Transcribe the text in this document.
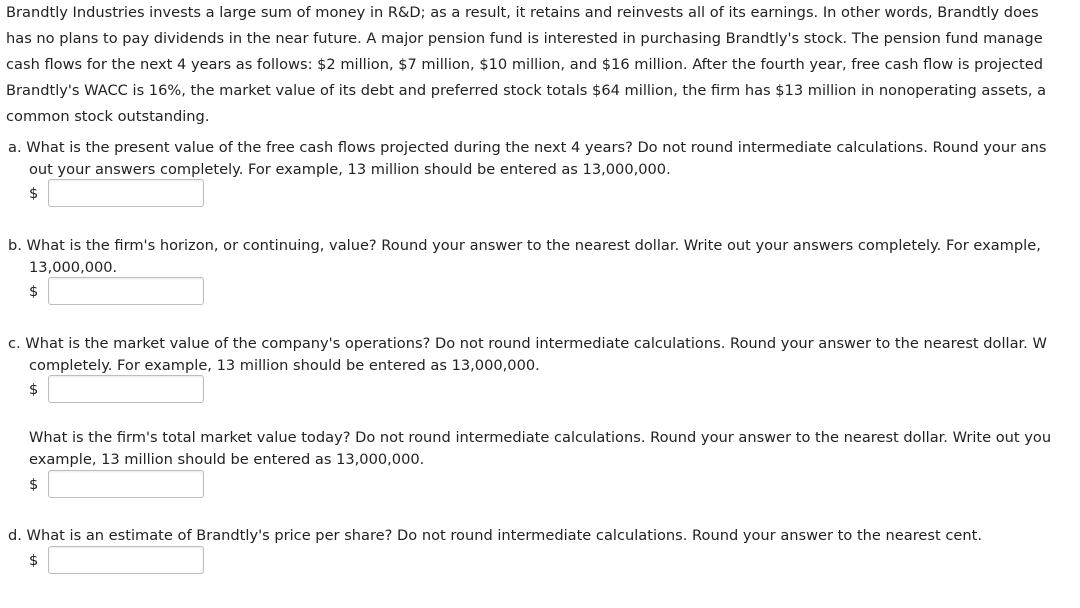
Brandtly Industries invests a large sum of money in R&D; as a result, it retains and reinvests all of its earnings. In other words, Brandtly does
has no plans to pay dividends in the near future. A major pension fund is interested in purchasing Brandtly's stock. The pension fund manage
cash flows for the next 4 years as follows: $2 million, $7 million, $10 million, and $16 million. After the fourth year, free cash flow is projected
Brandtly's WACC is 16%, the market value of its debt and preferred stock totals $64 million, the firm has $13 million in nonoperating assets, a
common stock outstanding.
a. What is the present value of the free cash flows projected during the next 4 years? Do not round intermediate calculations. Round your ans
out your answers completely. For example, 13 million should be entered as 13,000,000.
$
b. What is the firm's horizon, or continuing, value? Round your answer to the nearest dollar. Write out your answers completely. For example,
13,000,000.
$
c. What is the market value of the company's operations? Do not round intermediate calculations. Round your answer to the nearest dollar. W
completely. For example, 13 million should be entered as 13,000,000.
$
What is the firm's total market value today? Do not round intermediate calculations. Round your answer to the nearest dollar. Write out you
example, 13 million should be entered as 13,000,000.
$
d. What is an estimate of Brandtly's price per share? Do not round intermediate calculations. Round your answer to the nearest cent.
$
